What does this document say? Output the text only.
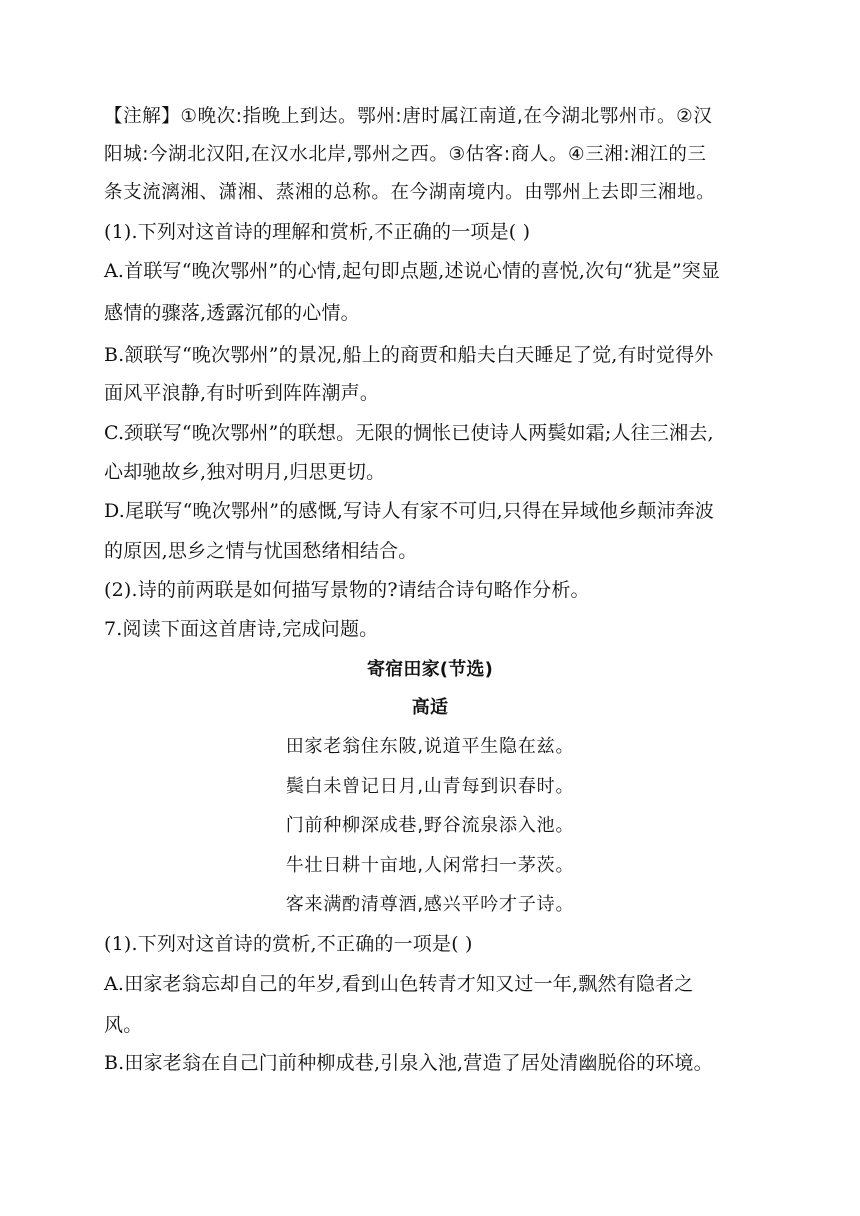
【注解】①晚次:指晚上到达。鄂州:唐时属江南道,在今湖北鄂州市。②汉
阳城:今湖北汉阳,在汉水北岸,鄂州之西。③估客:商人。④三湘:湘江的三
条支流漓湘、潇湘、蒸湘的总称。在今湖南境内。由鄂州上去即三湘地。
(1).下列对这首诗的理解和赏析,不正确的一项是( )
A.首联写“晚次鄂州”的心情,起句即点题,述说心情的喜悦,次句“犹是”突显
感情的骤落,透露沉郁的心情。
B.颔联写“晚次鄂州”的景况,船上的商贾和船夫白天睡足了觉,有时觉得外
面风平浪静,有时听到阵阵潮声。
C.颈联写“晚次鄂州”的联想。无限的惆怅已使诗人两鬓如霜;人往三湘去,
心却驰故乡,独对明月,归思更切。
D.尾联写“晚次鄂州”的感慨,写诗人有家不可归,只得在异域他乡颠沛奔波
的原因,思乡之情与忧国愁绪相结合。
(2).诗的前两联是如何描写景物的?请结合诗句略作分析。
7.阅读下面这首唐诗,完成问题。
寄宿田家(节选)
高适
田家老翁住东陂,说道平生隐在兹。
鬓白未曾记日月,山青每到识春时。
门前种柳深成巷,野谷流泉添入池。
牛壮日耕十亩地,人闲常扫一茅茨。
客来满酌清尊酒,感兴平吟才子诗。
(1).下列对这首诗的赏析,不正确的一项是( )
A.田家老翁忘却自己的年岁,看到山色转青才知又过一年,飘然有隐者之
风。
B.田家老翁在自己门前种柳成巷,引泉入池,营造了居处清幽脱俗的环境。
